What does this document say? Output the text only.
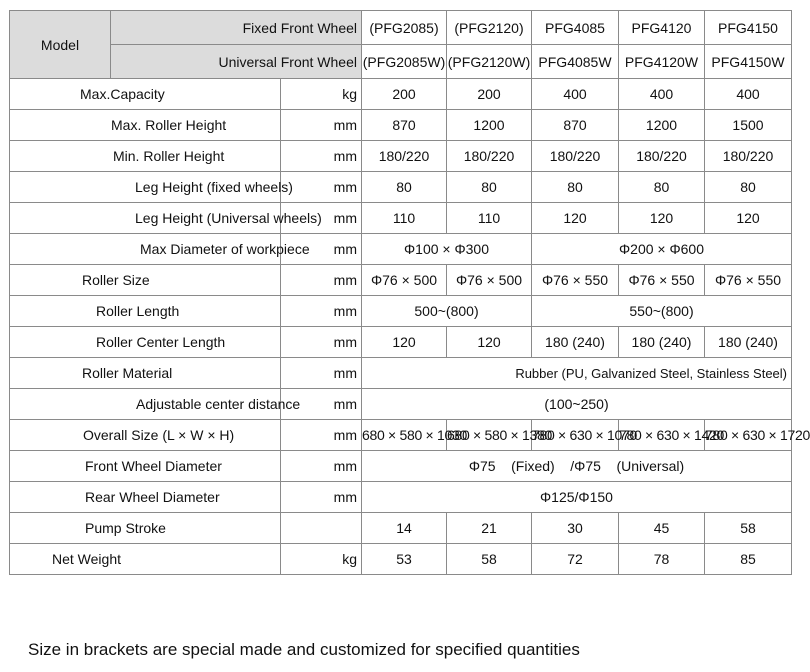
Model	Fixed Front Wheel		(PFG2085)	(PFG2120)	PFG4085	PFG4120	PFG4150
	Universal Front Wheel		(PFG2085W)	(PFG2120W)	PFG4085W	PFG4120W	PFG4150W
Max.Capacity		kg	200	200	400	400	400
Max. Roller Height		mm	870	1200	870	1200	1500
Min. Roller Height		mm	180/220	180/220	180/220	180/220	180/220
Leg Height (fixed wheels)		mm	80	80	80	80	80
Leg Height (Universal wheels)		mm	110	110	120	120	120
Max Diameter of workpiece		mm	Φ100 × Φ300		Φ200 × Φ600		
Roller Size		mm	Φ76 × 500	Φ76 × 500	Φ76 × 550	Φ76 × 550	Φ76 × 550
Roller Length		mm	500~(800)		550~(800)		
Roller Center Length		mm	120	120	180 (240)	180 (240)	180 (240)
Roller Material		mm	Rubber (PU, Galvanized Steel, Stainless Steel)				
Adjustable center distance		mm	(100~250)				
Overall Size (L × W × H)		mm	680 × 580 × 1030	680 × 580 × 1380	780 × 630 × 1070	780 × 630 × 1420	780 × 630 × 1720
Front Wheel Diameter		mm	Φ75    (Fixed)    /Φ75    (Universal)				
Rear Wheel Diameter		mm	Φ125/Φ150				
Pump Stroke			14	21	30	45	58
Net Weight		kg	53	58	72	78	85

Size in brackets are special made and customized for specified quantities
